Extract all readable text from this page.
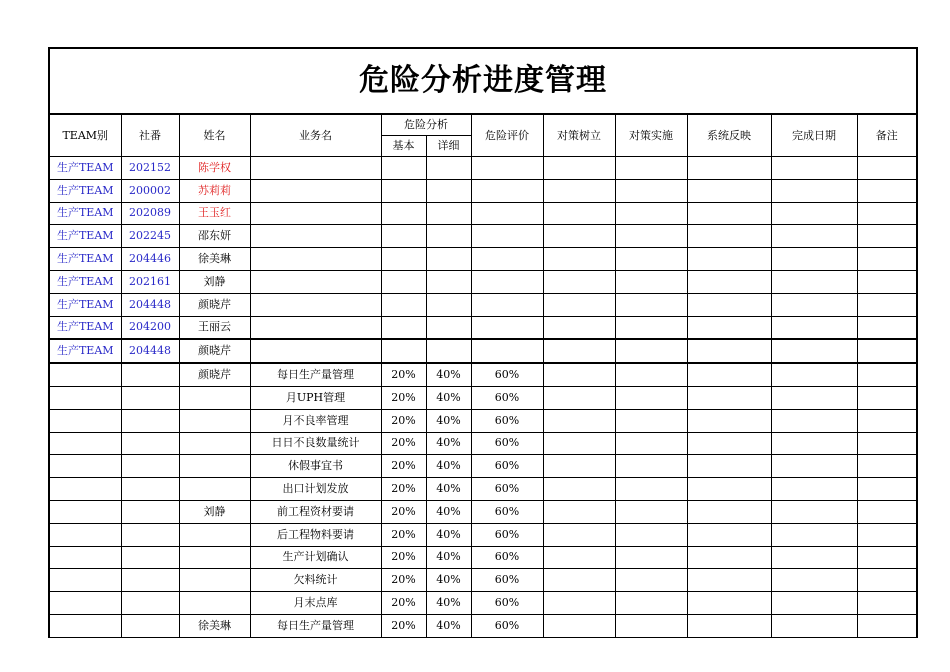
危险分析进度管理											
TEAM别	社番	姓名	业务名	危险分析		危险评价	对策树立	对策实施	系统反映	完成日期	备注
				基本	详细						
生产TEAM	202152	陈学权									
生产TEAM	200002	苏莉莉									
生产TEAM	202089	王玉红									
生产TEAM	202245	邵东妍									
生产TEAM	204446	徐美琳									
生产TEAM	202161	刘静									
生产TEAM	204448	颜晓芹									
生产TEAM	204200	王丽云									
生产TEAM	204448	颜晓芹									
		颜晓芹	每日生产量管理	20%	40%	60%					
			月UPH管理	20%	40%	60%					
			月不良率管理	20%	40%	60%					
			日日不良数量统计	20%	40%	60%					
			休假事宜书	20%	40%	60%					
			出口计划发放	20%	40%	60%					
		刘静	前工程资材要请	20%	40%	60%					
			后工程物料要请	20%	40%	60%					
			生产计划确认	20%	40%	60%					
			欠料统计	20%	40%	60%					
			月末点库	20%	40%	60%					
		徐美琳	每日生产量管理	20%	40%	60%					
